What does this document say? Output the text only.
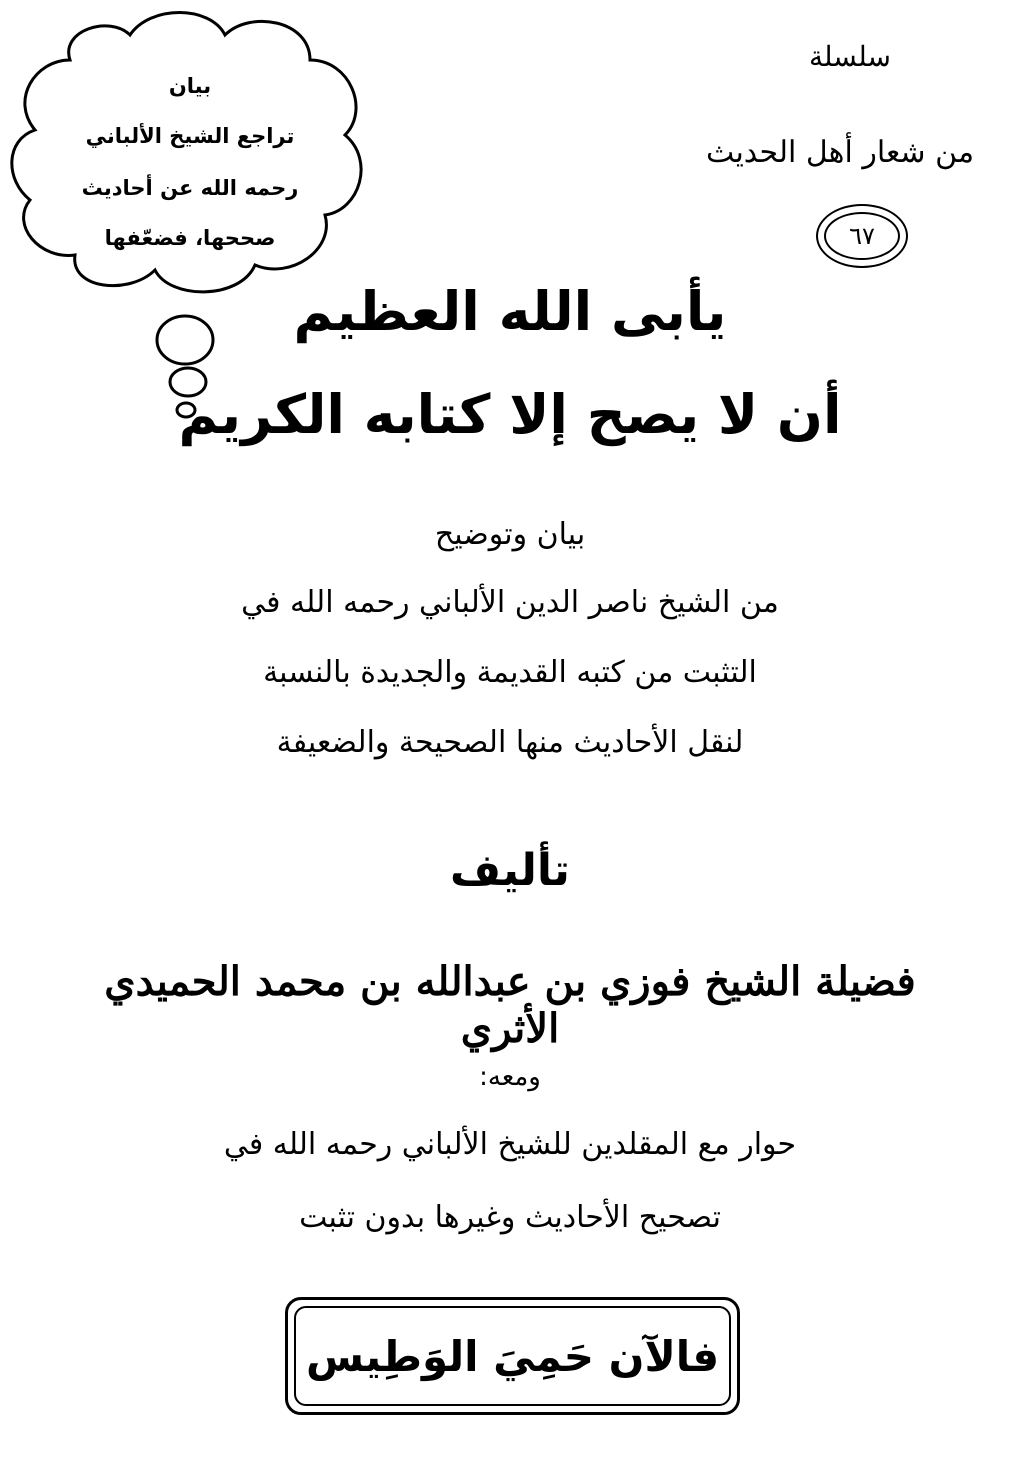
بيان
تراجع الشيخ الألباني
رحمه الله عن أحاديث
صححها، فضعّفها
سلسلة
من شعار أهل الحديث
٦٧
يأبى الله العظيم
أن لا يصح إلا كتابه الكريم
بيان وتوضيح
من الشيخ ناصر الدين الألباني رحمه الله في
التثبت من كتبه القديمة والجديدة بالنسبة
لنقل الأحاديث منها الصحيحة والضعيفة
تأليف
فضيلة الشيخ فوزي بن عبدالله بن محمد الحميدي الأثري
ومعه:
حوار مع المقلدين للشيخ الألباني رحمه الله في
تصحيح الأحاديث وغيرها بدون تثبت
فالآن حَمِيَ الوَطِيس
